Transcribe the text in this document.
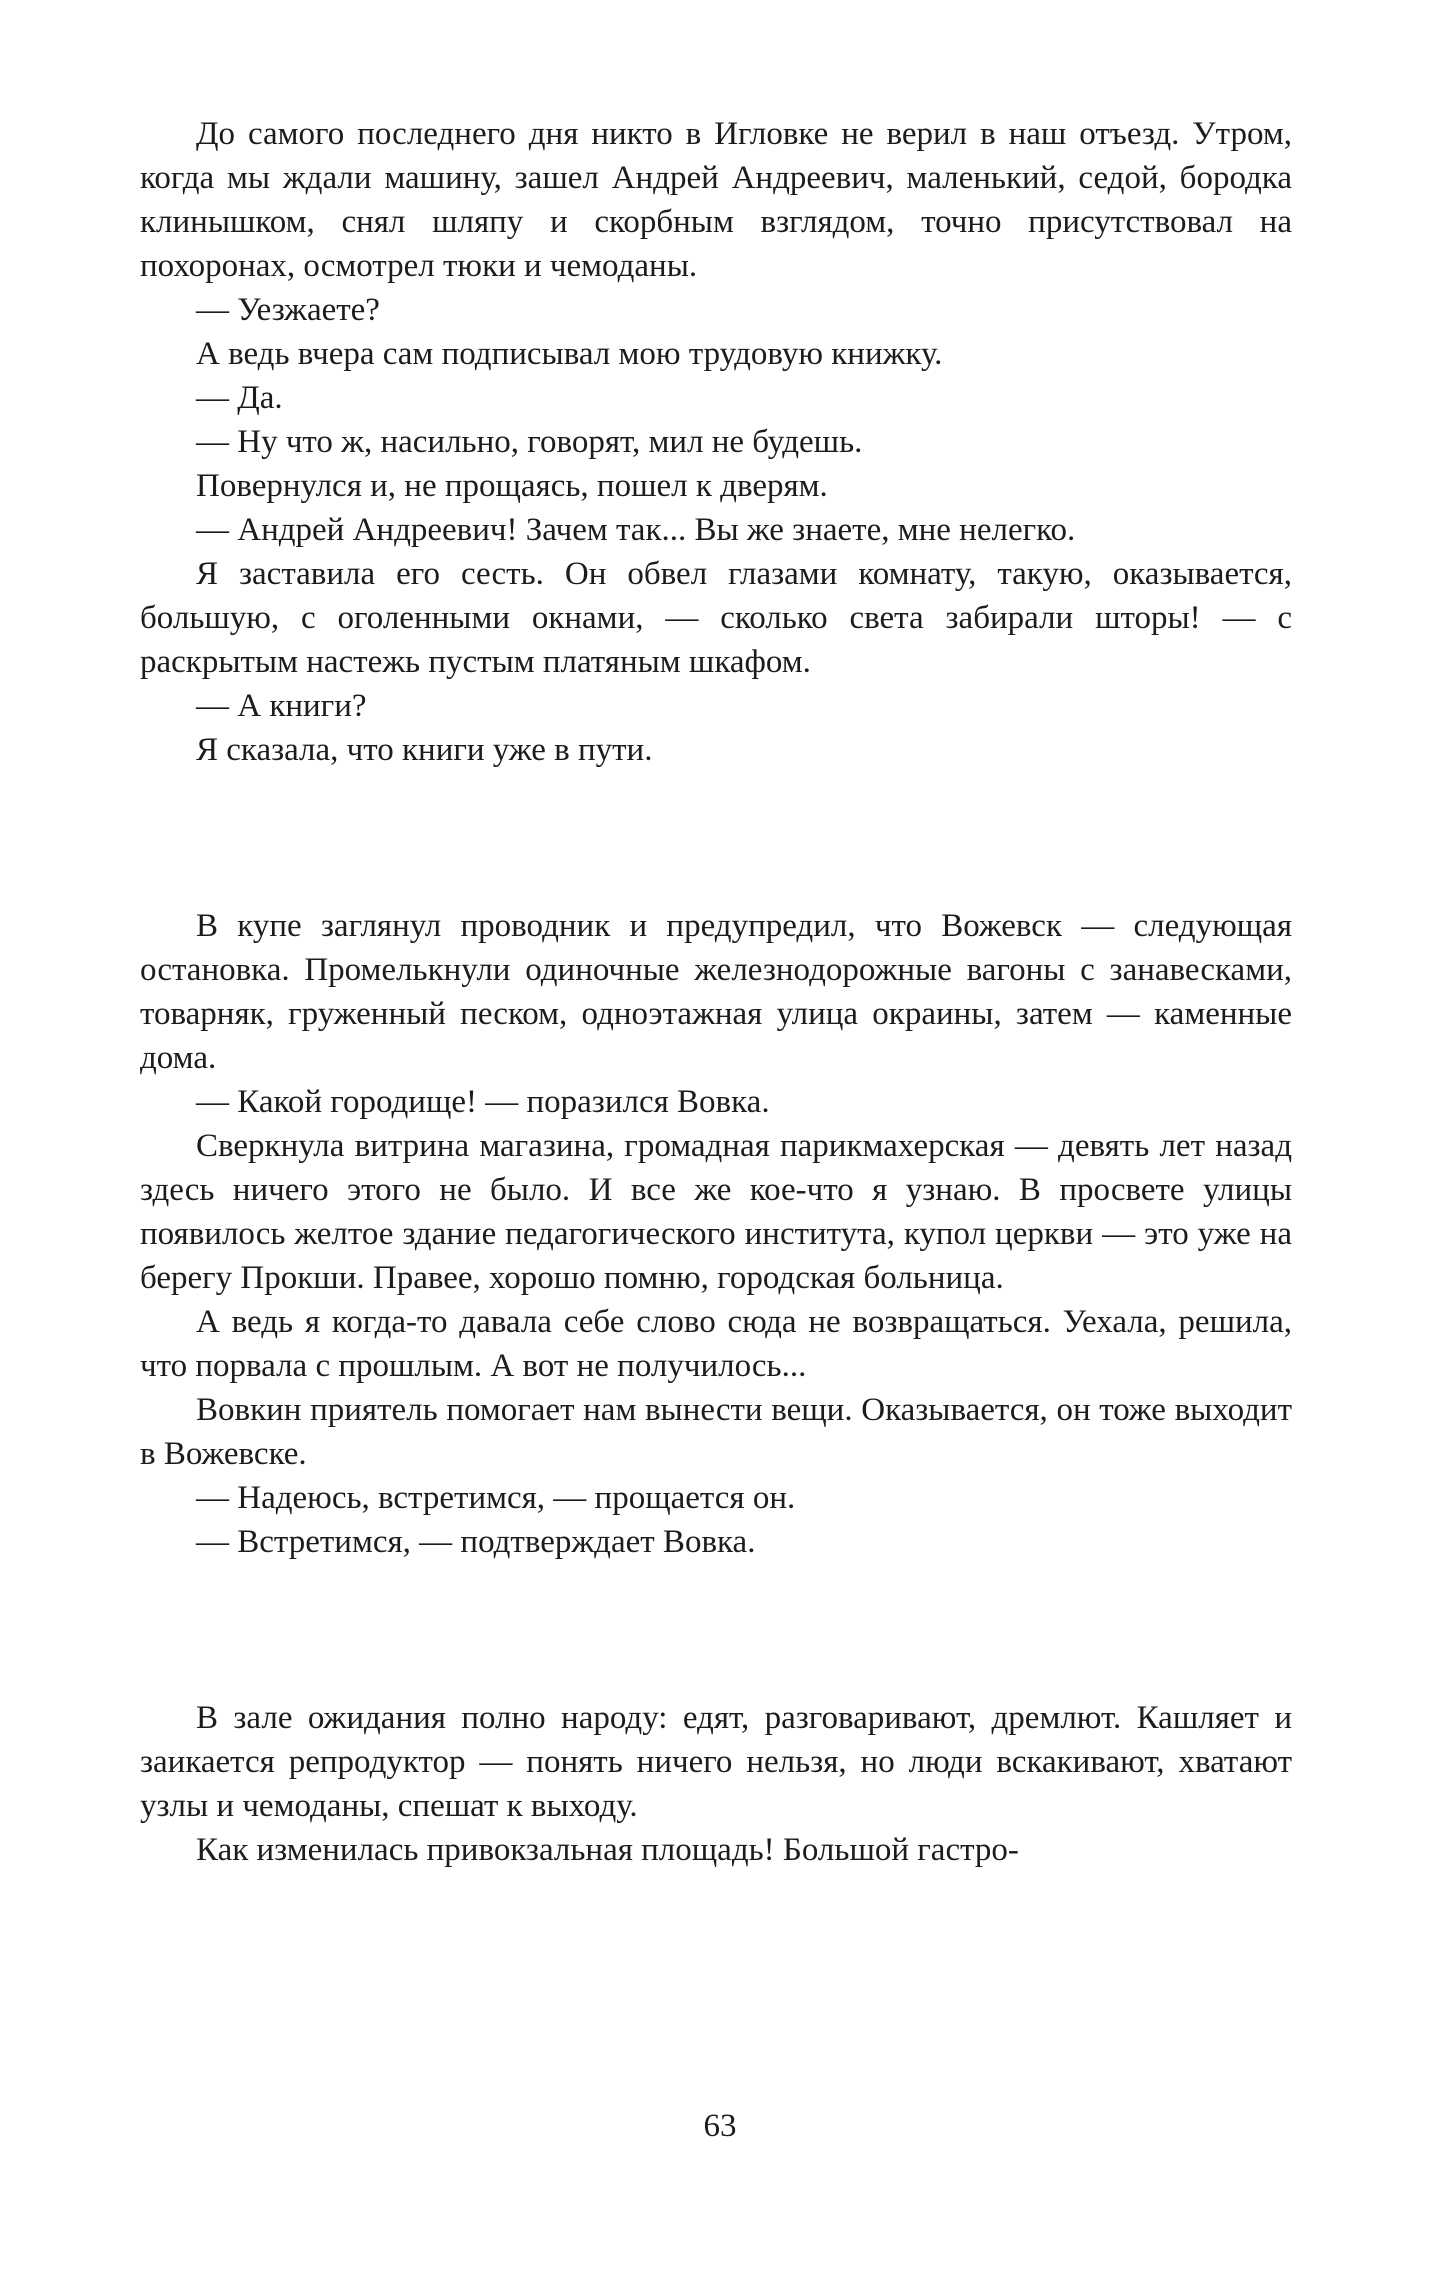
До самого последнего дня никто в Игловке не верил в наш отъезд. Утром, когда мы ждали машину, зашел Андрей Андреевич, маленький, седой, бородка клинышком, снял шляпу и скорбным взглядом, точно присутствовал на похоронах, осмотрел тюки и чемоданы.

— Уезжаете?

А ведь вчера сам подписывал мою трудовую книжку.

— Да.

— Ну что ж, насильно, говорят, мил не будешь.

Повернулся и, не прощаясь, пошел к дверям.

— Андрей Андреевич! Зачем так... Вы же знаете, мне нелегко.

Я заставила его сесть. Он обвел глазами комнату, такую, оказывается, большую, с оголенными окнами, — сколько света забирали шторы! — с раскрытым настежь пустым платяным шкафом.

— А книги?

Я сказала, что книги уже в пути.

В купе заглянул проводник и предупредил, что Вожевск — следующая остановка. Промелькнули одиночные железнодорожные вагоны с занавесками, товарняк, груженный песком, одноэтажная улица окраины, затем — каменные дома.

— Какой городище! — поразился Вовка.

Сверкнула витрина магазина, громадная парикмахерская — девять лет назад здесь ничего этого не было. И все же кое-что я узнаю. В просвете улицы появилось желтое здание педагогического института, купол церкви — это уже на берегу Прокши. Правее, хорошо помню, городская больница.

А ведь я когда-то давала себе слово сюда не возвращаться. Уехала, решила, что порвала с прошлым. А вот не получилось...

Вовкин приятель помогает нам вынести вещи. Оказывается, он тоже выходит в Вожевске.

— Надеюсь, встретимся, — прощается он.

— Встретимся, — подтверждает Вовка.

В зале ожидания полно народу: едят, разговаривают, дремлют. Кашляет и заикается репродуктор — понять ничего нельзя, но люди вскакивают, хватают узлы и чемоданы, спешат к выходу.

Как изменилась привокзальная площадь! Большой гастро-

63
